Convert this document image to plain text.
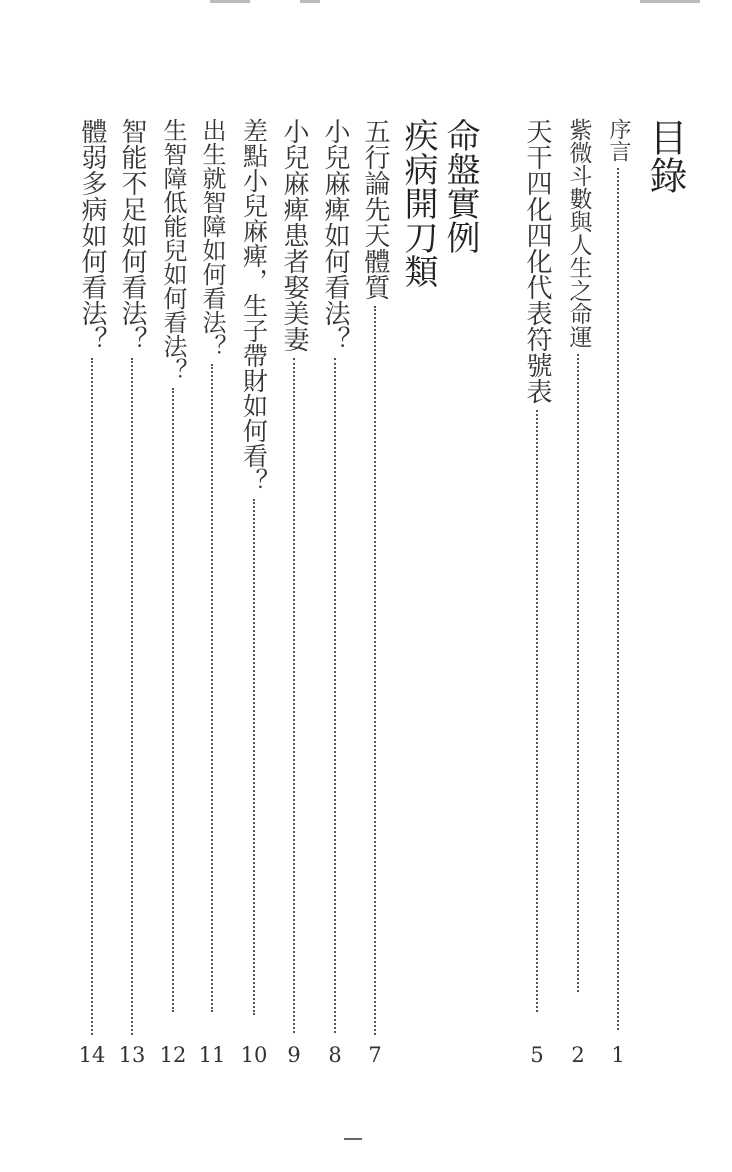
目錄
序言
1
紫微斗數與人生之命運
2
天干四化四化代表符號表
5
命盤實例
疾病開刀類
五行論先天體質
7
小兒麻痺如何看法？
8
小兒麻痺患者娶美妻
9
差點小兒麻痺，生子帶財如何看？
10
出生就智障如何看法？
11
生智障低能兒如何看法？
12
智能不足如何看法？
13
體弱多病如何看法？
14
